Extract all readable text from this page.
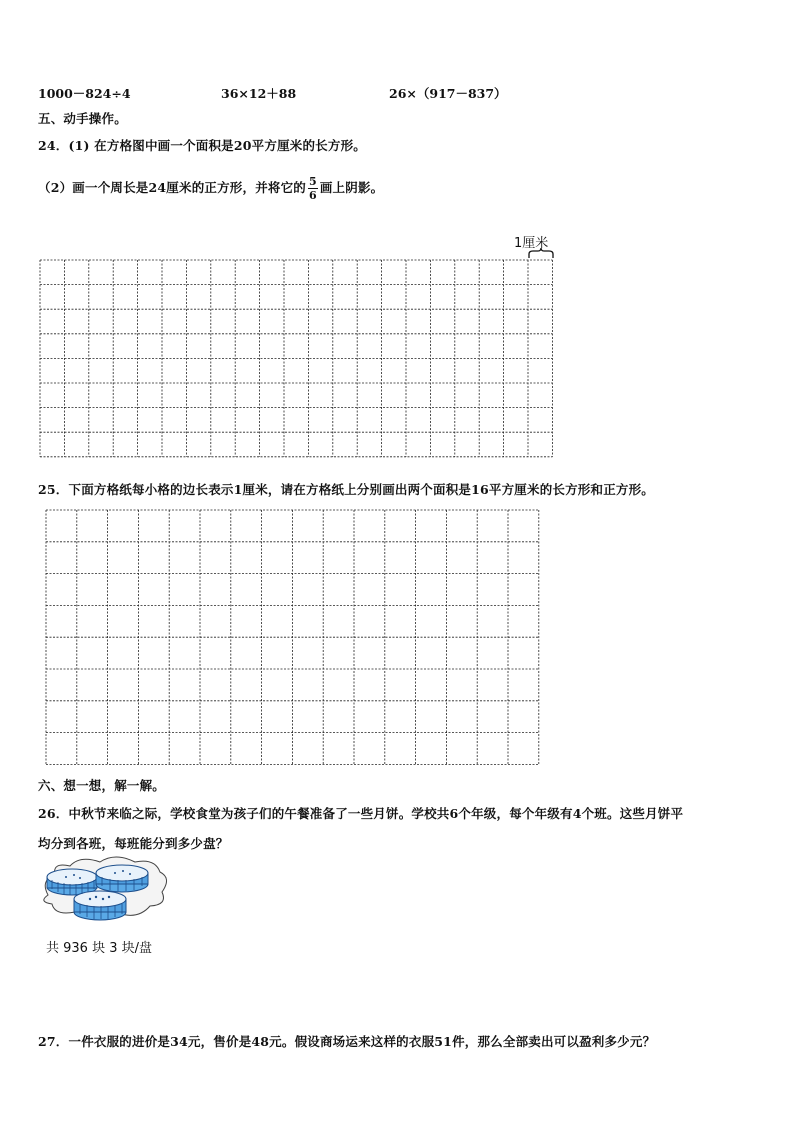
1000－824÷4	36×12＋88	26×（917－837）
五、动手操作。
24．(1) 在方格图中画一个面积是20平方厘米的长方形。
（2）画一个周长是24厘米的正方形，并将它的 $\frac{5}{6}$ 画上阴影。
1厘米
25．下面方格纸每小格的边长表示1厘米，请在方格纸上分别画出两个面积是16平方厘米的长方形和正方形。
六、想一想，解一解。
26．中秋节来临之际，学校食堂为孩子们的午餐准备了一些月饼。学校共6个年级，每个年级有4个班。这些月饼平
均分到各班，每班能分到多少盘？
共 936 块 3 块/盘
27．一件衣服的进价是34元，售价是48元。假设商场运来这样的衣服51件，那么全部卖出可以盈利多少元？
